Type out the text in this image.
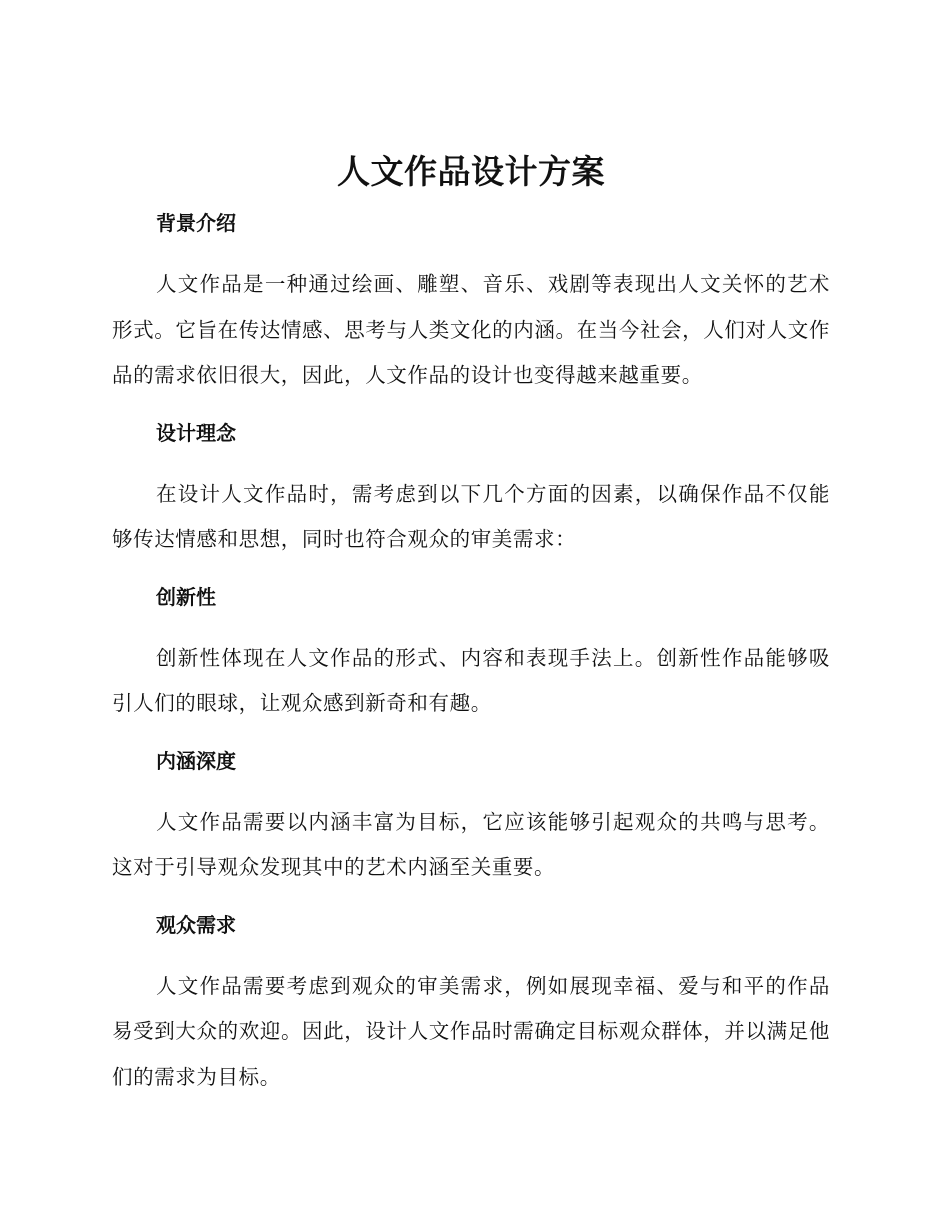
人文作品设计方案
背景介绍

人文作品是一种通过绘画、雕塑、音乐、戏剧等表现出人文关怀的艺术形式。它旨在传达情感、思考与人类文化的内涵。在当今社会，人们对人文作品的需求依旧很大，因此，人文作品的设计也变得越来越重要。

设计理念

在设计人文作品时，需考虑到以下几个方面的因素，以确保作品不仅能够传达情感和思想，同时也符合观众的审美需求：

创新性

创新性体现在人文作品的形式、内容和表现手法上。创新性作品能够吸引人们的眼球，让观众感到新奇和有趣。

内涵深度

人文作品需要以内涵丰富为目标，它应该能够引起观众的共鸣与思考。这对于引导观众发现其中的艺术内涵至关重要。

观众需求

人文作品需要考虑到观众的审美需求，例如展现幸福、爱与和平的作品易受到大众的欢迎。因此，设计人文作品时需确定目标观众群体，并以满足他们的需求为目标。
